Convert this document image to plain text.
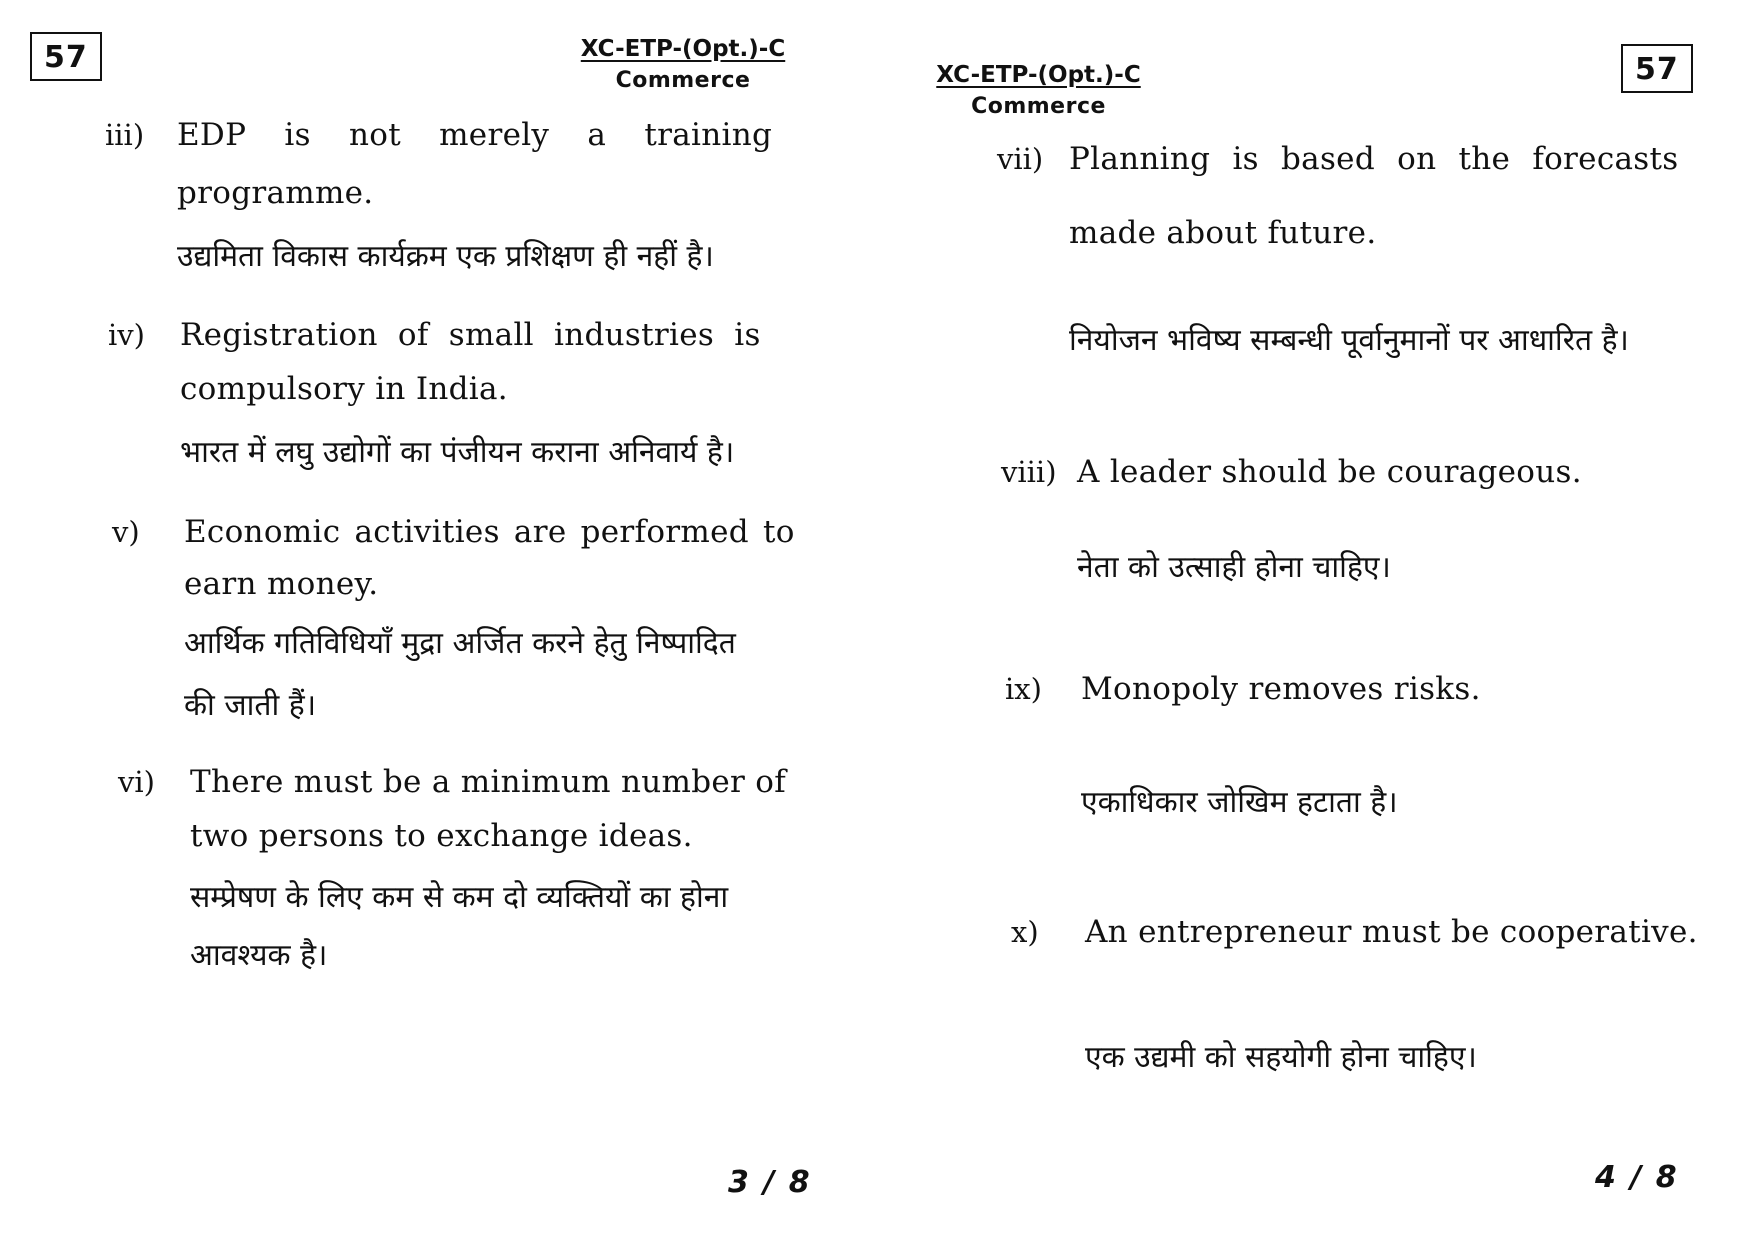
57	XC-ETP-(Opt.)-C
Commerce
iii) EDP is not merely a training
programme.
उद्यमिता विकास कार्यक्रम एक प्रशिक्षण ही नहीं है।
iv) Registration of small industries is
compulsory in India.
भारत में लघु उद्योगों का पंजीयन कराना अनिवार्य है।
v) Economic activities are performed to
earn money.
आर्थिक गतिविधियाँ मुद्रा अर्जित करने हेतु निष्पादित
की जाती हैं।
vi) There must be a minimum number of
two persons to exchange ideas.
सम्प्रेषण के लिए कम से कम दो व्यक्तियों का होना
आवश्यक है।
3 / 8
XC-ETP-(Opt.)-C
Commerce
57
vii) Planning is based on the forecasts
made about future.
नियोजन भविष्य सम्बन्धी पूर्वानुमानों पर आधारित है।
viii) A leader should be courageous.
नेता को उत्साही होना चाहिए।
ix) Monopoly removes risks.
एकाधिकार जोखिम हटाता है।
x) An entrepreneur must be cooperative.
एक उद्यमी को सहयोगी होना चाहिए।
4 / 8
